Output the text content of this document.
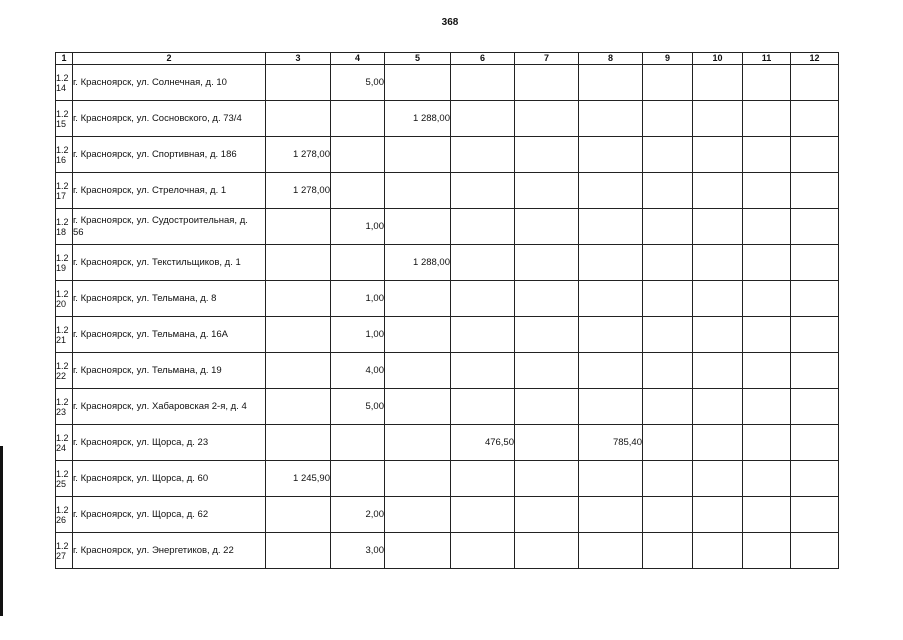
368
1	2	3	4	5	6	7	8	9	10	11	12
1.2
14	г. Красноярск, ул. Солнечная, д. 10		5,00								
1.2
15	г. Красноярск, ул. Сосновского, д. 73/4			1 288,00							
1.2
16	г. Красноярск, ул. Спортивная, д. 186	1 278,00									
1.2
17	г. Красноярск, ул. Стрелочная, д. 1	1 278,00									
1.2
18	г. Красноярск, ул. Судостроительная, д.
56		1,00								
1.2
19	г. Красноярск, ул. Текстильщиков, д. 1			1 288,00							
1.2
20	г. Красноярск, ул. Тельмана, д. 8		1,00								
1.2
21	г. Красноярск, ул. Тельмана, д. 16А		1,00								
1.2
22	г. Красноярск, ул. Тельмана, д. 19		4,00								
1.2
23	г. Красноярск, ул. Хабаровская 2-я, д. 4		5,00								
1.2
24	г. Красноярск, ул. Щорса, д. 23				476,50		785,40				
1.2
25	г. Красноярск, ул. Щорса, д. 60	1 245,90									
1.2
26	г. Красноярск, ул. Щорса, д. 62		2,00								
1.2
27	г. Красноярск, ул. Энергетиков, д. 22		3,00								
